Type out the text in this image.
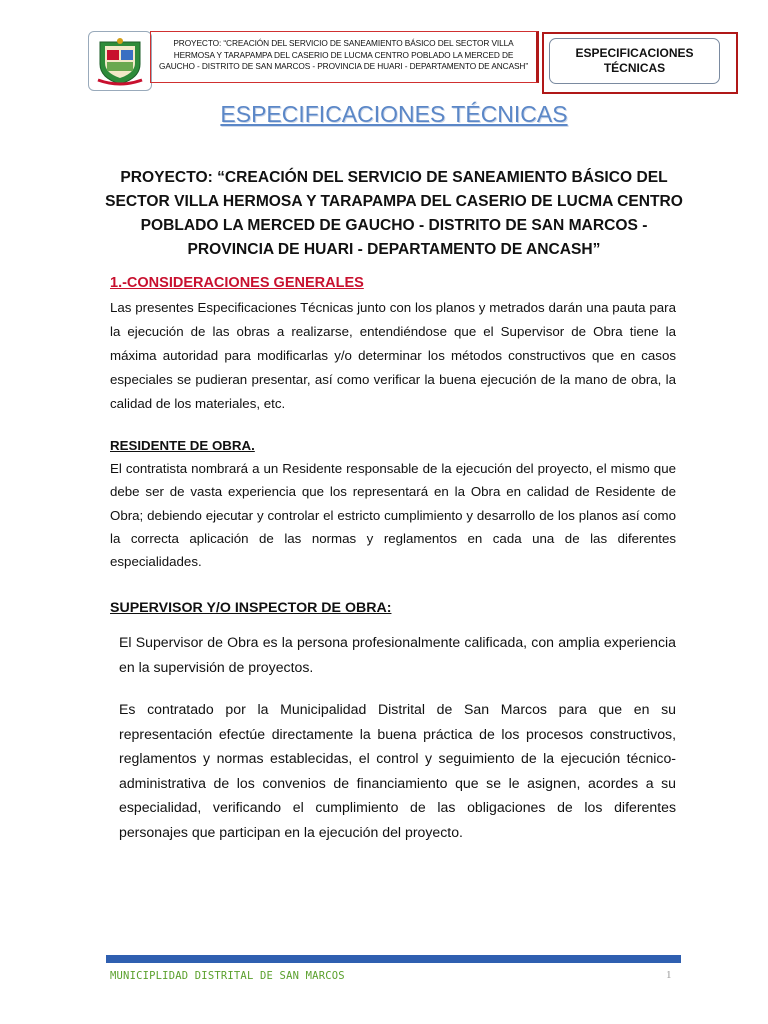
PROYECTO: “CREACIÓN DEL SERVICIO DE SANEAMIENTO BÁSICO DEL SECTOR VILLA HERMOSA Y TARAPAMPA DEL CASERIO DE LUCMA CENTRO POBLADO LA MERCED DE GAUCHO - DISTRITO DE SAN MARCOS - PROVINCIA DE HUARI - DEPARTAMENTO DE ANCASH”
ESPECIFICACIONES TÉCNICAS
ESPECIFICACIONES TÉCNICAS
PROYECTO: “CREACIÓN DEL SERVICIO DE SANEAMIENTO BÁSICO DEL SECTOR VILLA HERMOSA Y TARAPAMPA DEL CASERIO DE LUCMA CENTRO POBLADO LA MERCED DE GAUCHO - DISTRITO DE SAN MARCOS - PROVINCIA DE HUARI - DEPARTAMENTO DE ANCASH”
1.-CONSIDERACIONES GENERALES
Las presentes Especificaciones Técnicas junto con los planos y metrados darán una pauta para la ejecución de las obras a realizarse, entendiéndose que el Supervisor de Obra tiene la máxima autoridad para modificarlas y/o determinar los métodos constructivos que en casos especiales se pudieran presentar, así como verificar la buena ejecución de la mano de obra, la calidad de los materiales, etc.
RESIDENTE DE OBRA.
El contratista nombrará a un Residente responsable de la ejecución del proyecto, el mismo que debe ser de vasta experiencia que los representará en la Obra en calidad de Residente de Obra; debiendo ejecutar y controlar el estricto cumplimiento y desarrollo de los planos así como la correcta aplicación de las normas y reglamentos en cada una de las diferentes especialidades.
SUPERVISOR Y/O INSPECTOR DE OBRA:
El Supervisor de Obra es la persona profesionalmente calificada, con amplia experiencia en la supervisión de proyectos.
Es contratado por la Municipalidad Distrital de San Marcos para que en su representación efectúe directamente la buena práctica de los procesos constructivos, reglamentos y normas establecidas, el control y seguimiento de la ejecución técnico-administrativa de los convenios de financiamiento que se le asignen, acordes a su especialidad, verificando el cumplimiento de las obligaciones de los diferentes personajes que participan en la ejecución del proyecto.
MUNICIPLIDAD DISTRITAL DE SAN MARCOS	1
